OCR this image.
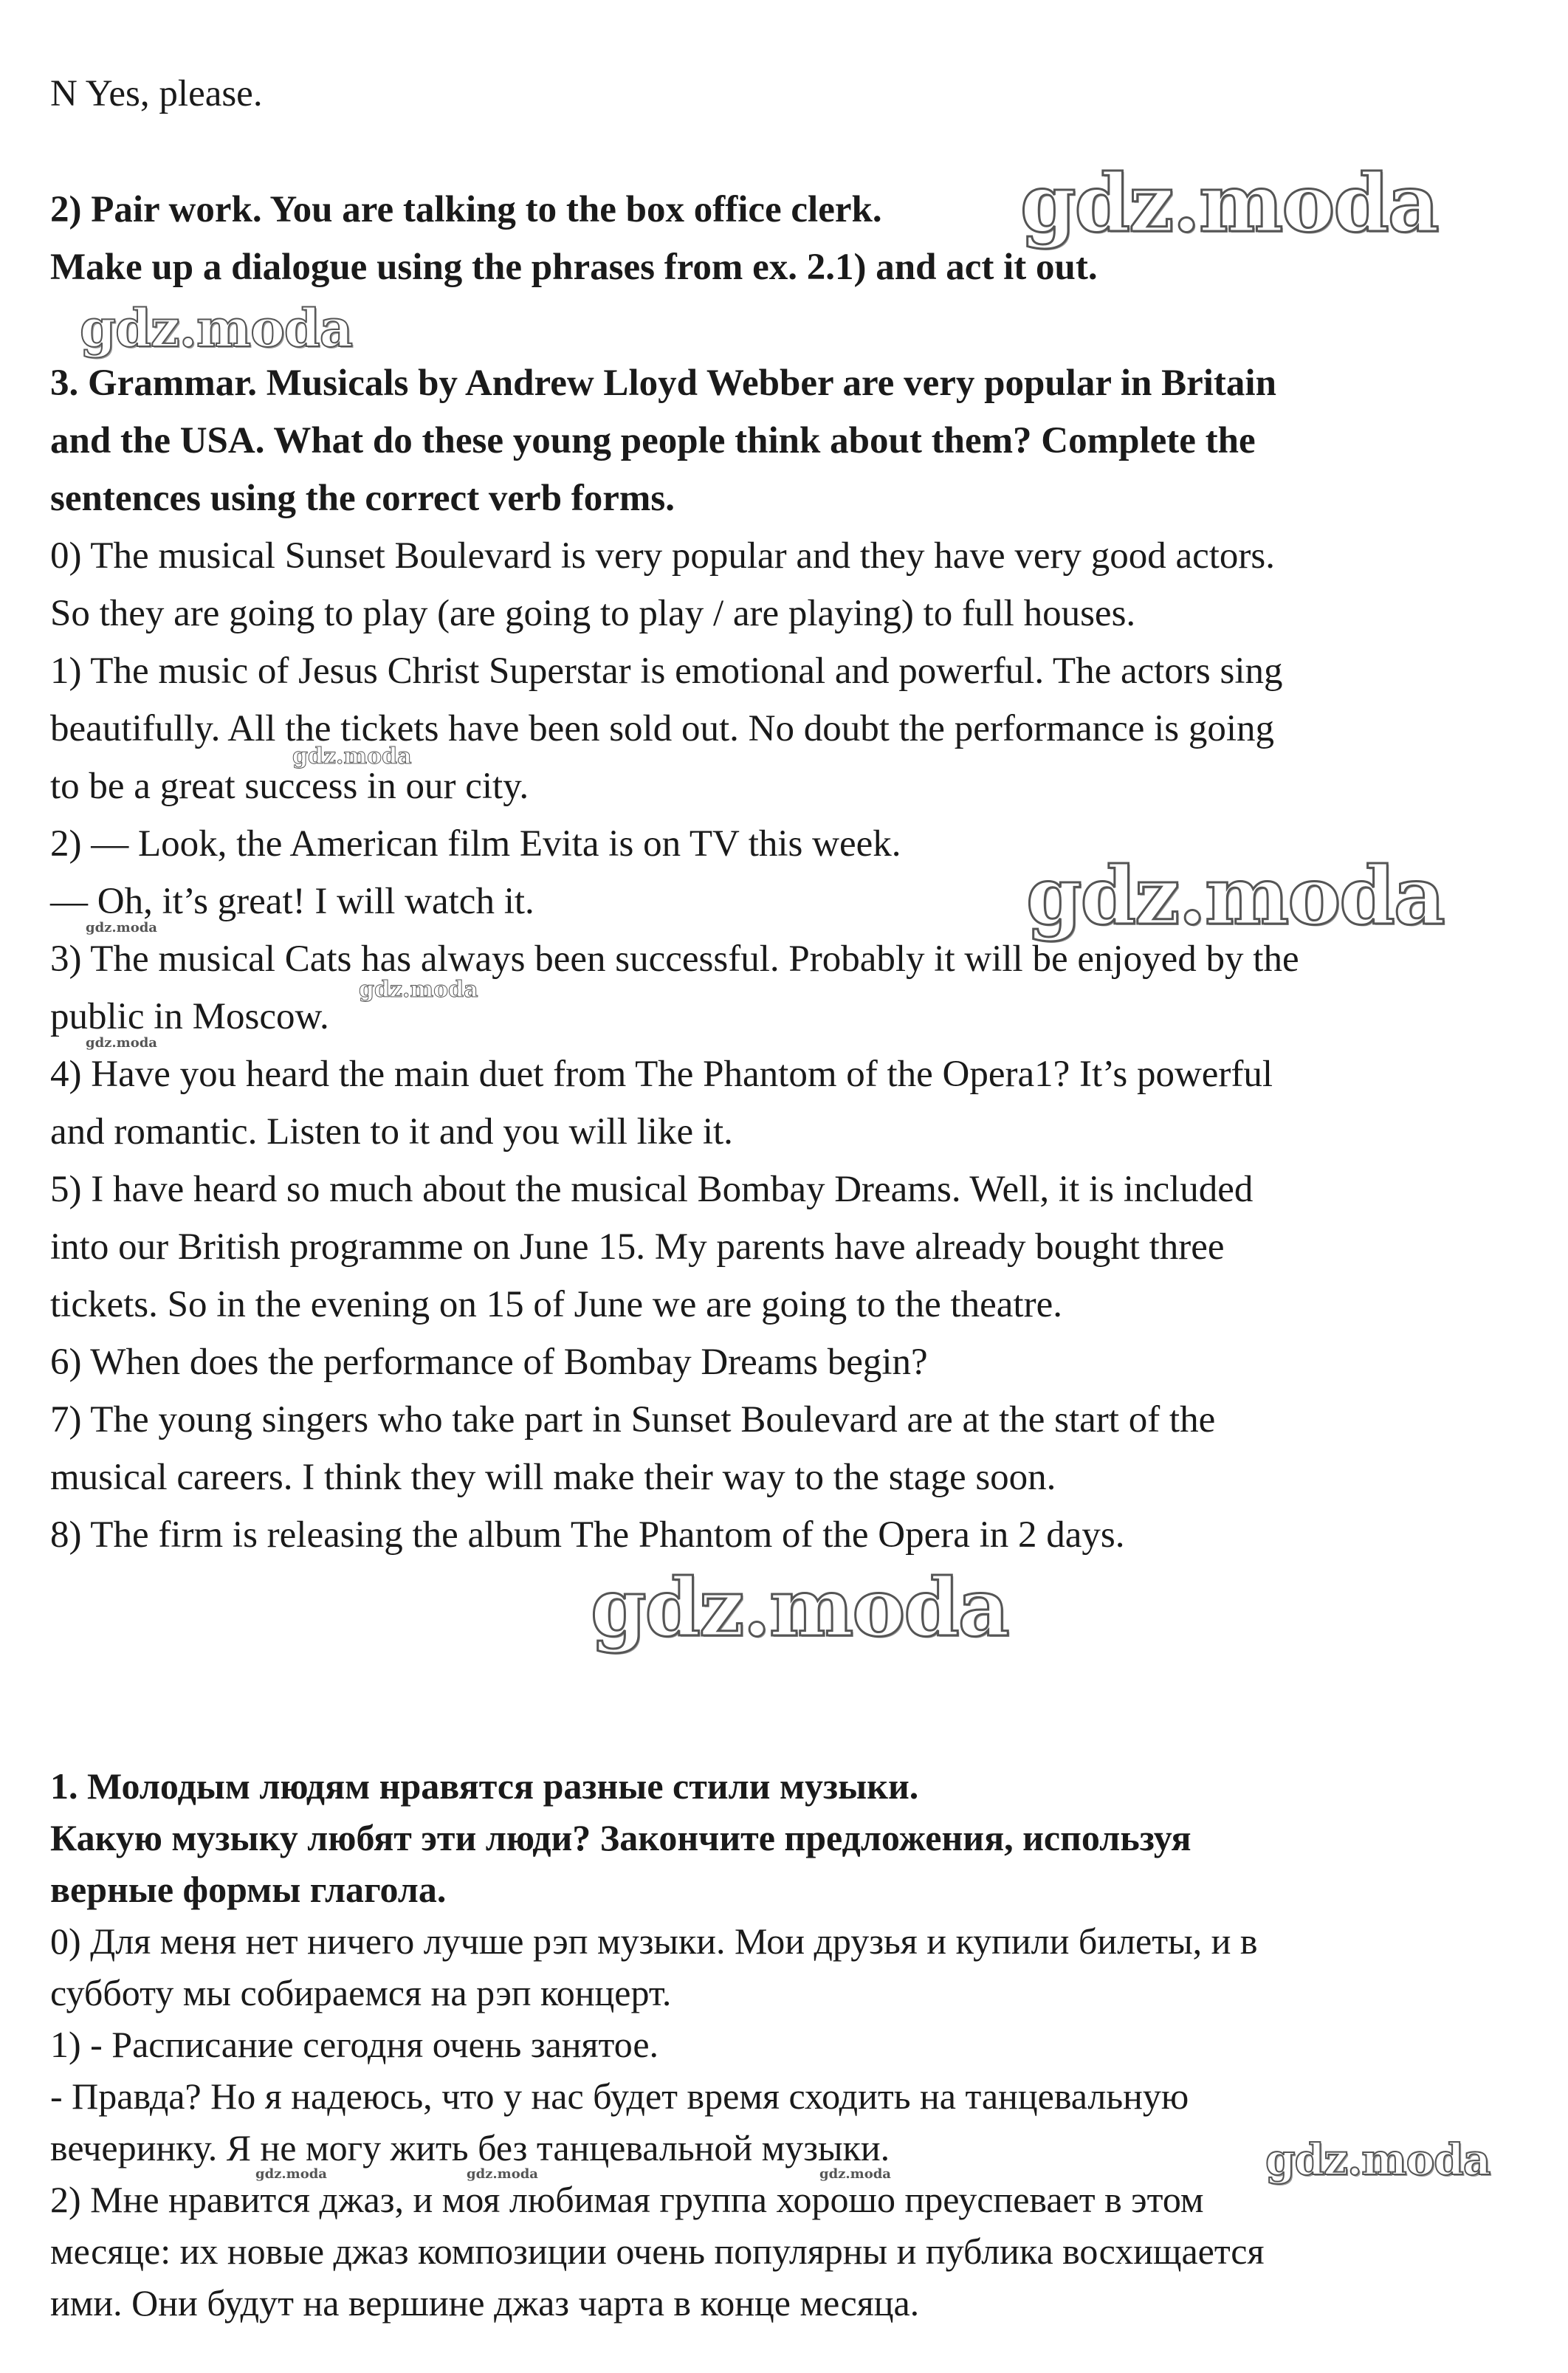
N Yes, please.

2) Pair work. You are talking to the box office clerk.

Make up a dialogue using the phrases from ex. 2.1) and act it out.

3. Grammar. Musicals by Andrew Lloyd Webber are very popular in Britain

and the USA. What do these young people think about them? Complete the

sentences using the correct verb forms.

0) The musical Sunset Boulevard is very popular and they have very good actors.

So they are going to play (are going to play / are playing) to full houses.

1) The music of Jesus Christ Superstar is emotional and powerful. The actors sing

beautifully. All the tickets have been sold out. No doubt the performance is going

to be a great success in our city.

2) — Look, the American film Evita is on TV this week.

— Oh, it’s great! I will watch it.

3) The musical Cats has always been successful. Probably it will be enjoyed by the

public in Moscow.

4) Have you heard the main duet from The Phantom of the Opera1? It’s powerful

and romantic. Listen to it and you will like it.

5) I have heard so much about the musical Bombay Dreams. Well, it is included

into our British programme on June 15. My parents have already bought three

tickets. So in the evening on 15 of June we are going to the theatre.

6) When does the performance of Bombay Dreams begin?

7) The young singers who take part in Sunset Boulevard are at the start of the

musical careers. I think they will make their way to the stage soon.

8) The firm is releasing the album The Phantom of the Opera in 2 days.

1. Молодым людям нравятся разные стили музыки.

Какую музыку любят эти люди? Закончите предложения, используя

верные формы глагола.

0) Для меня нет ничего лучше рэп музыки. Мои друзья и купили билеты, и в

субботу мы собираемся на рэп концерт.

1) - Расписание сегодня очень занятое.

- Правда? Но я надеюсь, что у нас будет время сходить на танцевальную

вечеринку. Я не могу жить без танцевальной музыки.

2) Мне нравится джаз, и моя любимая группа хорошо преуспевает в этом

месяце: их новые джаз композиции очень популярны и публика восхищается

ими. Они будут на вершине джаз чарта в конце месяца.

gdz.moda
gdz.moda
gdz.moda
gdz.moda
gdz.moda
gdz.moda
gdz.moda
gdz.moda
gdz.moda
gdz.moda	gdz.moda	gdz.moda
